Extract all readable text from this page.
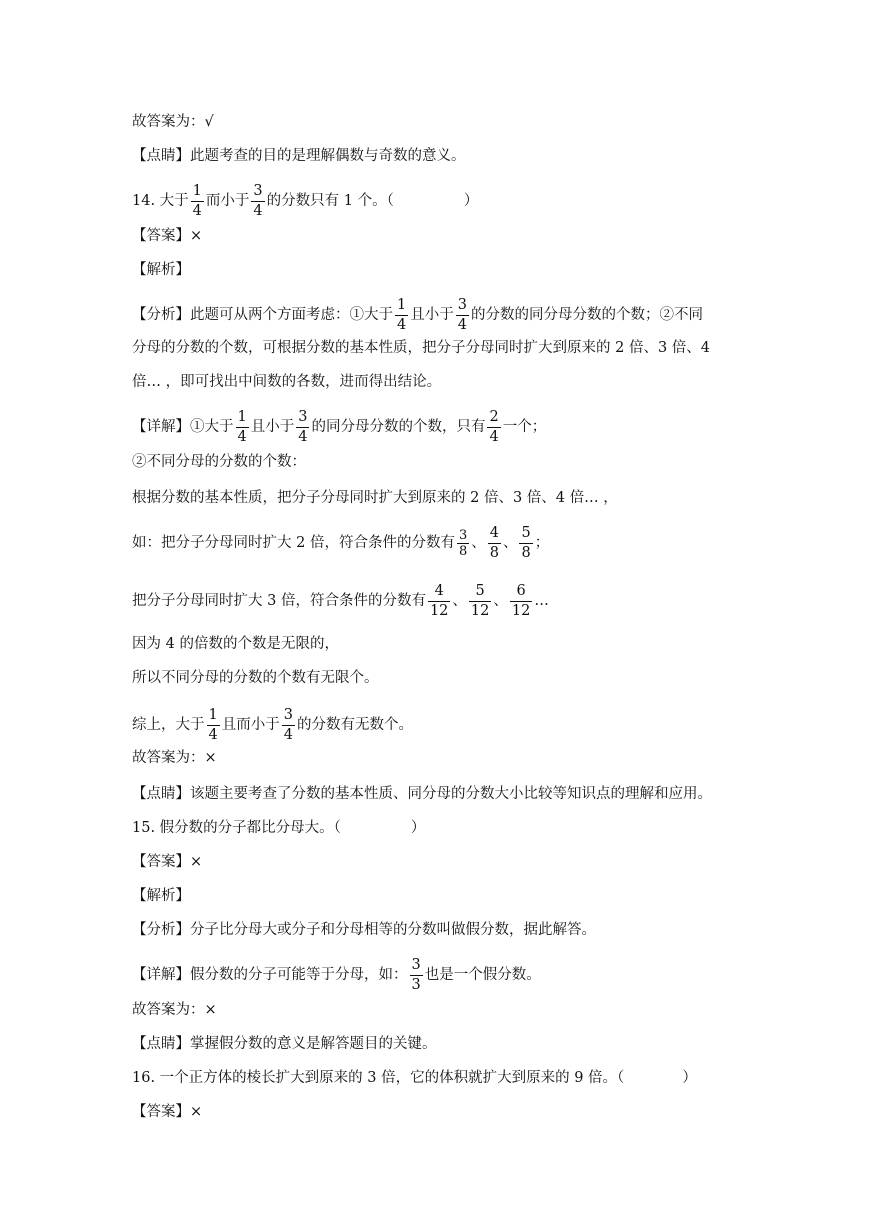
故答案为：√
【点睛】此题考查的目的是理解偶数与奇数的意义。
14. 大于 $\frac{1}{4}$ 而小于 $\frac{3}{4}$ 的分数只有 1 个。（	）
【答案】×
【解析】
【分析】此题可从两个方面考虑：①大于 $\frac{1}{4}$ 且小于 $\frac{3}{4}$ 的分数的同分母分数的个数；②不同
分母的分数的个数，可根据分数的基本性质，把分子分母同时扩大到原来的 2 倍、3 倍、4
倍… ，即可找出中间数的各数，进而得出结论。
【详解】①大于 $\frac{1}{4}$ 且小于 $\frac{3}{4}$ 的同分母分数的个数，只有 $\frac{2}{4}$ 一个；
②不同分母的分数的个数：
根据分数的基本性质，把分子分母同时扩大到原来的 2 倍、3 倍、4 倍… ，
如：把分子分母同时扩大 2 倍，符合条件的分数有 $\frac{3}{8}$ 、 $\frac{4}{8}$ 、 $\frac{5}{8}$ ；
把分子分母同时扩大 3 倍，符合条件的分数有 $\frac{4}{12}$ 、 $\frac{5}{12}$ 、 $\frac{6}{12}$ …
因为 4 的倍数的个数是无限的，
所以不同分母的分数的个数有无限个。
综上，大于 $\frac{1}{4}$ 且而小于 $\frac{3}{4}$ 的分数有无数个。
故答案为：×
【点睛】该题主要考查了分数的基本性质、同分母的分数大小比较等知识点的理解和应用。
15. 假分数的分子都比分母大。（	）
【答案】×
【解析】
【分析】分子比分母大或分子和分母相等的分数叫做假分数，据此解答。
【详解】假分数的分子可能等于分母，如： $\frac{3}{3}$ 也是一个假分数。
故答案为：×
【点睛】掌握假分数的意义是解答题目的关键。
16. 一个正方体的棱长扩大到原来的 3 倍，它的体积就扩大到原来的 9 倍。（	）
【答案】×
